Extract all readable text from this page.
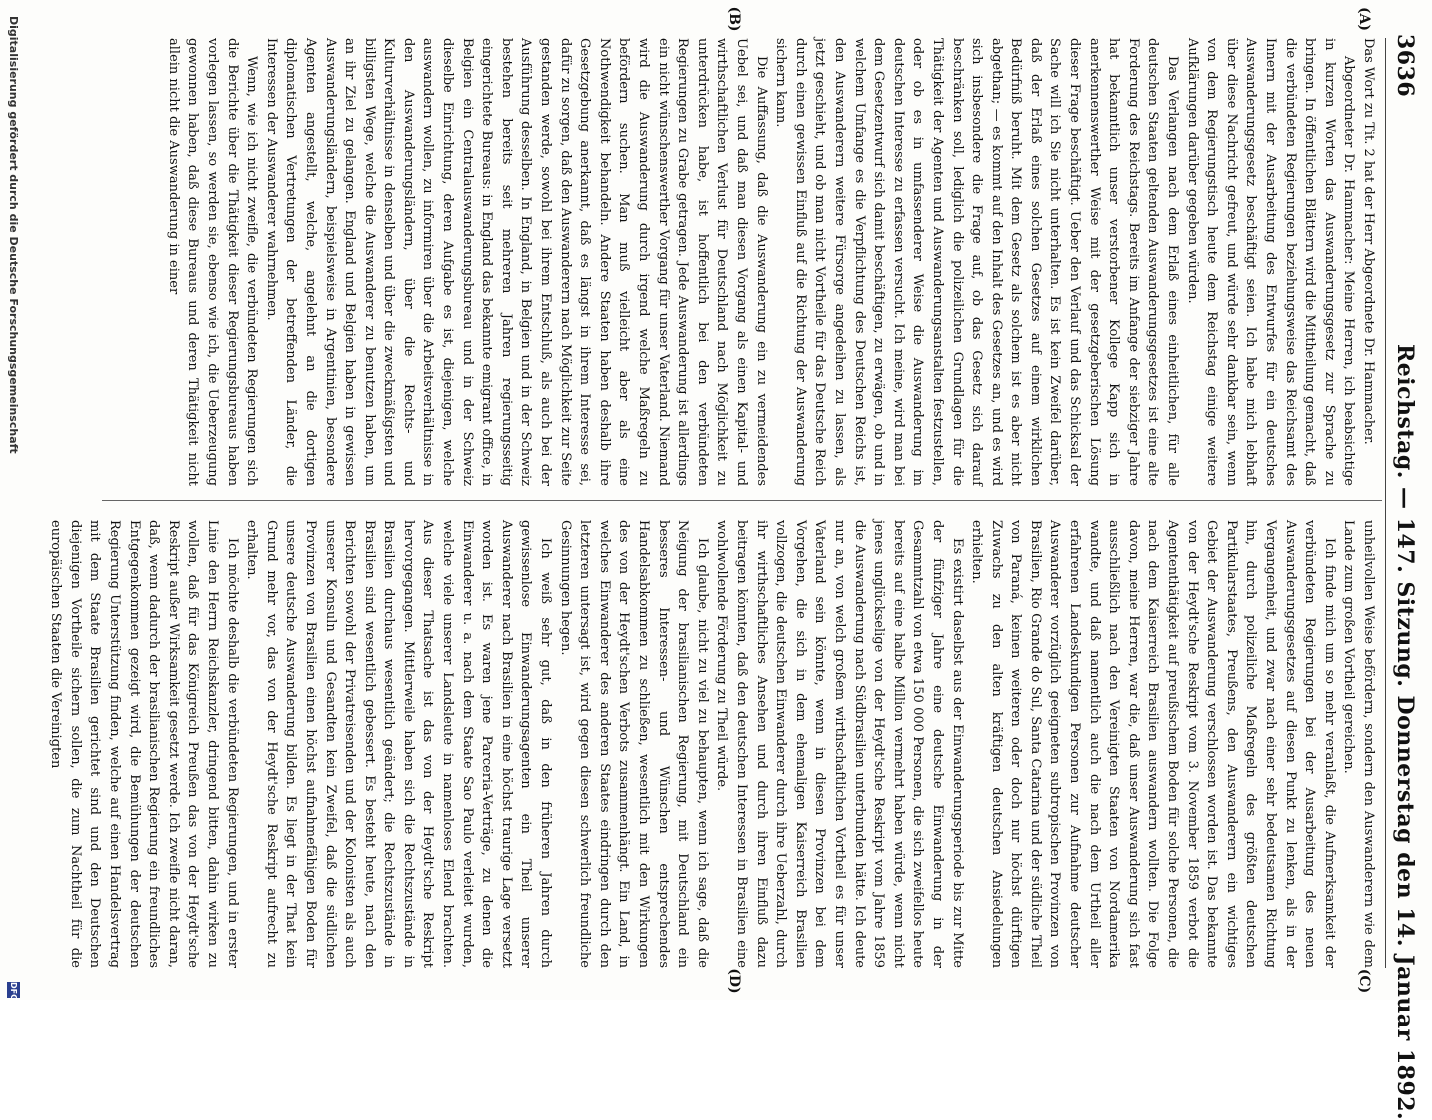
3636
Reichstag. — 147. Sitzung. Donnerstag den 14. Januar 1892.
(A)
(B)
(C)
(D)

Das Wort zu Tit. 2 hat der Herr Abgeordnete Dr. Hammacher.

Abgeordneter Dr. Hammacher: Meine Herren, ich beabsichtige in kurzen Worten das Auswanderungsgesetz zur Sprache zu bringen. In öffentlichen Blättern wird die Mittheilung gemacht, daß die verbündeten Regierungen beziehungsweise das Reichsamt des Innern mit der Ausarbeitung des Entwurfes für ein deutsches Auswanderungsgesetz beschäftigt seien. Ich habe mich lebhaft über diese Nachricht gefreut, und würde sehr dankbar sein, wenn von dem Regierungstisch heute dem Reichstag einige weitere Aufklärungen darüber gegeben würden.

Das Verlangen nach dem Erlaß eines einheitlichen, für alle deutschen Staaten geltenden Auswanderungsgesetzes ist eine alte Forderung des Reichstags. Bereits im Anfange der siebziger Jahre hat bekanntlich unser verstorbener Kollege Kapp sich in anerkennenswerther Weise mit der gesetzgeberischen Lösung dieser Frage beschäftigt. Ueber den Verlauf und das Schicksal der Sache will ich Sie nicht unterhalten. Es ist kein Zweifel darüber, daß der Erlaß eines solchen Gesetzes auf einem wirklichen Bedürfniß beruht. Mit dem Gesetz als solchem ist es aber nicht abgethan; — es kommt auf den Inhalt des Gesetzes an, und es wird sich insbesondere die Frage auf, ob das Gesetz sich darauf beschränken soll, lediglich die polizeilichen Grundlagen für die Thätigkeit der Agenten und Auswanderungsanstalten festzustellen, oder ob es in umfassenderer Weise die Auswanderung im deutschen Interesse zu erfassen versucht. Ich meine, wird man bei dem Gesetzentwurf sich damit beschäftigen, zu erwägen, ob und in welchem Umfange es die Verpflichtung des Deutschen Reichs ist, den Auswanderern weitere Fürsorge angedeihen zu lassen, als jetzt geschieht, und ob man nicht Vortheile für das Deutsche Reich durch einen gewissen Einfluß auf die Richtung der Auswanderung sichern kann.

Die Auffassung, daß die Auswanderung ein zu vermeidendes Uebel sei, und daß man diesen Vorgang als einen Kapital- und wirthschaftlichen Verlust für Deutschland nach Möglichkeit zu unterdrücken habe, ist hoffentlich bei den verbündeten Regierungen zu Grabe getragen. Jede Auswanderung ist allerdings ein nicht wünschenswerther Vorgang für unser Vaterland. Niemand wird die Auswanderung durch irgend welche Maßregeln zu befördern suchen. Man muß vielleicht aber als eine Nothwendigkeit behandeln. Andere Staaten haben deshalb ihre Gesetzgebung anerkannt, daß es längst in ihrem Interesse sei, dafür zu sorgen, daß den Auswanderern nach Möglichkeit zur Seite gestanden werde, sowohl bei ihrem Entschluß, als auch bei der Ausführung desselben. In England, in Belgien und in der Schweiz bestehen bereits seit mehreren Jahren regierungsseitig eingerichtete Bureaus: in England das bekannte emigrant office, in Belgien ein Centralauswanderungsbureau und in der Schweiz dieselbe Einrichtung, deren Aufgabe es ist, diejenigen, welche auswandern wollen, zu informiren über die Arbeitsverhältnisse in den Auswanderungsländern, über die Rechts- und Kulturverhältnisse in denselben und über die zweckmäßigsten und billigsten Wege, welche die Auswanderer zu benutzen haben, um an ihr Ziel zu gelangen. England und Belgien haben in gewissen Auswanderungsländern, beispielsweise in Argentinien, besondere Agenten angestellt, welche, angelehnt an die dortigen diplomatischen Vertretungen der betreffenden Länder, die Interessen der Auswanderer wahrnehmen.

Wenn, wie ich nicht zweifle, die verbündeten Regierungen sich die Berichte über die Thätigkeit dieser Regierungsbureaus haben vorlegen lassen, so werden sie, ebenso wie ich, die Ueberzeugung gewonnen haben, daß diese Bureaus und deren Thätigkeit nicht allein nicht die Auswanderung in einer

unheilvollen Weise befördern, sondern den Auswanderern wie dem Lande zum großen Vortheil gereichen.

Ich finde mich um so mehr veranlaßt, die Aufmerksamkeit der verbündeten Regierungen bei der Ausarbeitung des neuen Auswanderungsgesetzes auf diesen Punkt zu lenken, als in der Vergangenheit, und zwar nach einer sehr bedeutsamen Richtung hin, durch polizeiliche Maßregeln des größten deutschen Partikularstaates, Preußens, den Auswanderern ein wichtiges Gebiet der Auswanderung verschlossen worden ist. Das bekannte von der Heydt'sche Reskript vom 3. November 1859 verbot die Agententhätigkeit auf preußischem Boden für solche Personen, die nach dem Kaiserreich Brasilien auswandern wollten. Die Folge davon, meine Herren, war die, daß unser Auswanderung sich fast ausschließlich nach den Vereinigten Staaten von Nordamerika wandte, und daß namentlich auch die nach dem Urtheil aller erfahrenen Landeskundigen Personen zur Aufnahme deutscher Auswanderer vorzüglich geeigneten subtropischen Provinzen von Brasilien, Rio Grande do Sul, Santa Catarina und der südliche Theil von Paraná, keinen weiteren oder doch nur höchst dürftigen Zuwachs zu den alten kräftigen deutschen Ansiedelungen erhielten.

Es existirt daselbst aus der Einwanderungsperiode bis zur Mitte der fünfziger Jahre eine deutsche Einwanderung in der Gesammtzahl von etwa 150 000 Personen, die sich zweifellos heute bereits auf eine halbe Million vermehrt haben würde, wenn nicht jenes unglückselige von der Heydt'sche Reskript vom Jahre 1859 die Auswanderung nach Südbrasilien unterbunden hätte. Ich deute nur an, von welch großem wirthschaftlichen Vortheil es für unser Vaterland sein könnte, wenn in diesen Provinzen bei dem Vorgehen, die sich in dem ehemaligen Kaiserreich Brasilien vollzogen, die deutschen Einwanderer durch ihre Ueberzahl, durch ihr wirthschaftliches Ansehen und durch ihren Einfluß dazu beitragen könnten, daß den deutschen Interessen in Brasilien eine wohlwollende Förderung zu Theil würde.

Ich glaube, nicht zu viel zu behaupten, wenn ich sage, daß die Neigung der brasilianischen Regierung, mit Deutschland ein besseres Interessen- und Wünschen entsprechendes Handelsabkommen zu schließen, wesentlich mit den Wirkungen des von der Heydt'schen Verbots zusammenhängt. Ein Land, in welches Einwanderer des anderen Staates eindringen durch den letzteren untersagt ist, wird gegen diesen schwerlich freundliche Gesinnungen hegen.

Ich weiß sehr gut, daß in den früheren Jahren durch gewissenlose Einwanderungsagenten ein Theil unserer Auswanderer nach Brasilien in eine höchst traurige Lage versetzt worden ist. Es waren jene Parceria-Verträge, zu denen die Einwanderer u. a. nach dem Staate Sao Paulo verleitet wurden, welche viele unserer Landsleute in namenloses Elend brachten. Aus dieser Thatsache ist das von der Heydt'sche Reskript hervorgegangen. Mittlerweile haben sich die Rechtszustände in Brasilien durchaus wesentlich geändert; die Rechtszustände in Brasilien sind wesentlich gebessert. Es besteht heute, nach den Berichten sowohl der Privatreisenden und der Kolonisten als auch unserer Konsuln und Gesandten kein Zweifel, daß die südlichen Provinzen von Brasilien einen höchst aufnahmefähigen Boden für unsere deutsche Auswanderung bilden. Es liegt in der That kein Grund mehr vor, das von der Heydt'sche Reskript aufrecht zu erhalten.

Ich möchte deshalb die verbündeten Regierungen, und in erster Linie den Herrn Reichskanzler, dringend bitten, dahin wirken zu wollen, daß für das Königreich Preußen das von der Heydt'sche Reskript außer Wirksamkeit gesetzt werde. Ich zweifle nicht daran, daß, wenn dadurch der brasilianischen Regierung ein freundliches Entgegenkommen gezeigt wird, die Bemühungen der deutschen Regierung Unterstützung finden, welche auf einen Handelsvertrag mit dem Staate Brasilien gerichtet sind und den Deutschen diejenigen Vortheile sichern sollen, die zum Nachtheil für die europäischen Staaten die Vereinigten

Digitalisierung gefördert durch die Deutsche Forschungsgemeinschaft
DFG
